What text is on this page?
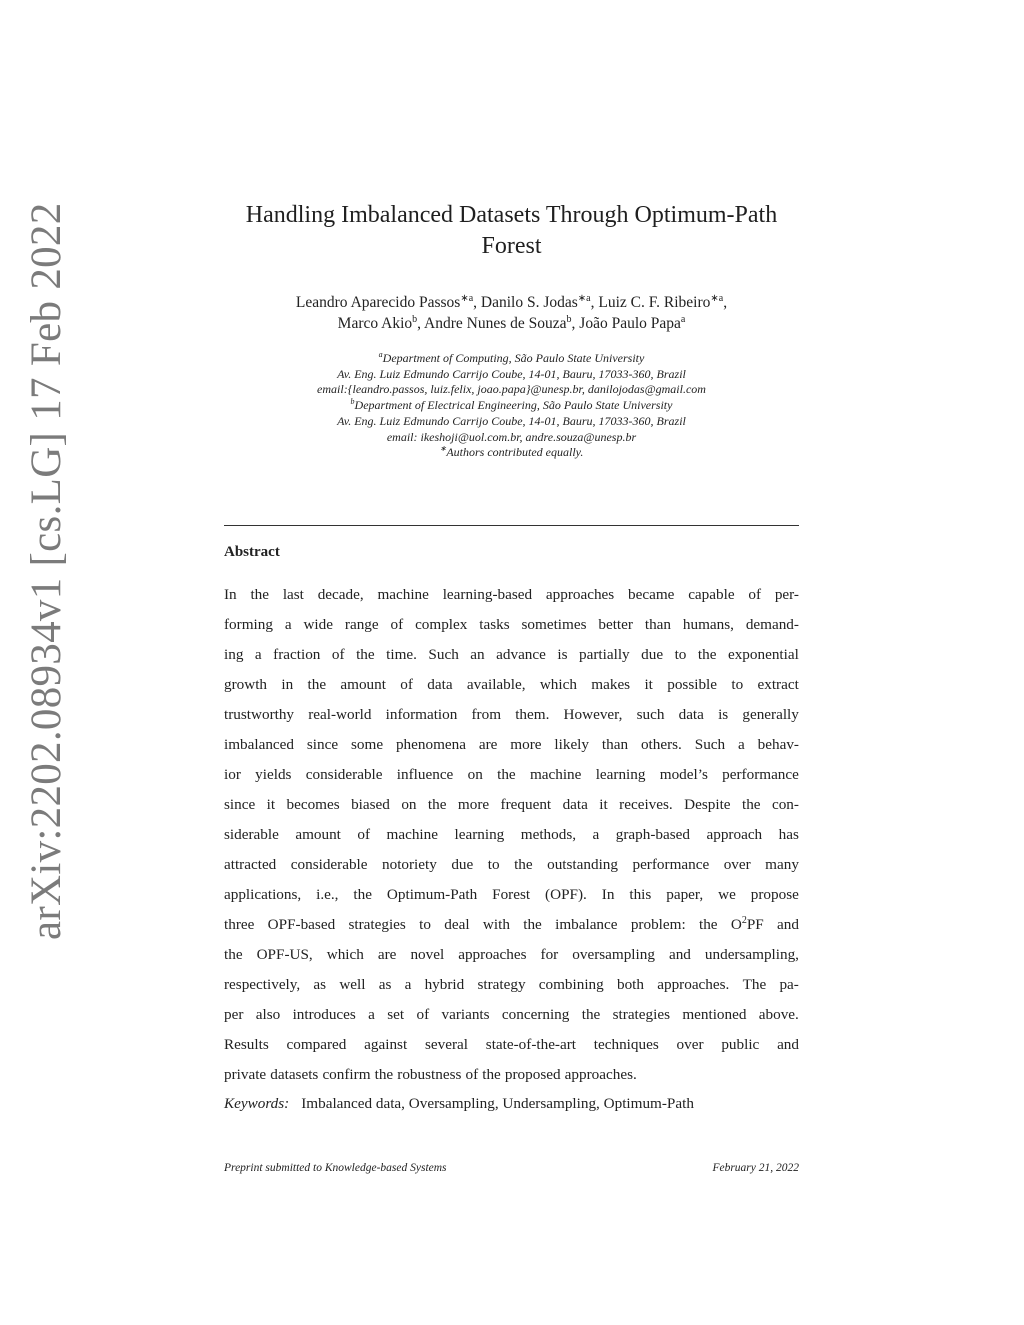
arXiv:2202.08934v1 [cs.LG] 17 Feb 2022	Handling Imbalanced Datasets Through Optimum-Path
Forest
Leandro Aparecido Passos$^{∗a}$, Danilo S. Jodas$^{∗a}$, Luiz C. F. Ribeiro$^{∗a}$,
Marco Akio$^b$, Andre Nunes de Souza$^b$, João Paulo Papa$^a$
$^a$Department of Computing, São Paulo State University
Av. Eng. Luiz Edmundo Carrijo Coube, 14-01, Bauru, 17033-360, Brazil
email:{leandro.passos, luiz.felix, joao.papa}@unesp.br, danilojodas@gmail.com
$^b$Department of Electrical Engineering, São Paulo State University
Av. Eng. Luiz Edmundo Carrijo Coube, 14-01, Bauru, 17033-360, Brazil
email: ikeshoji@uol.com.br, andre.souza@unesp.br
∗Authors contributed equally.
Abstract
In the last decade, machine learning-based approaches became capable of per-
forming a wide range of complex tasks sometimes better than humans, demand-
ing a fraction of the time. Such an advance is partially due to the exponential
growth in the amount of data available, which makes it possible to extract
trustworthy real-world information from them. However, such data is generally
imbalanced since some phenomena are more likely than others. Such a behav-
ior yields considerable influence on the machine learning model’s performance
since it becomes biased on the more frequent data it receives. Despite the con-
siderable amount of machine learning methods, a graph-based approach has
attracted considerable notoriety due to the outstanding performance over many
applications, i.e., the Optimum-Path Forest (OPF). In this paper, we propose
three OPF-based strategies to deal with the imbalance problem: the $O^2PF$ and
the OPF-US, which are novel approaches for oversampling and undersampling,
respectively, as well as a hybrid strategy combining both approaches. The pa-
per also introduces a set of variants concerning the strategies mentioned above.
Results compared against several state-of-the-art techniques over public and
private datasets confirm the robustness of the proposed approaches.
Keywords: Imbalanced data, Oversampling, Undersampling, Optimum-Path
Preprint submitted to Knowledge-based Systems	February 21, 2022
